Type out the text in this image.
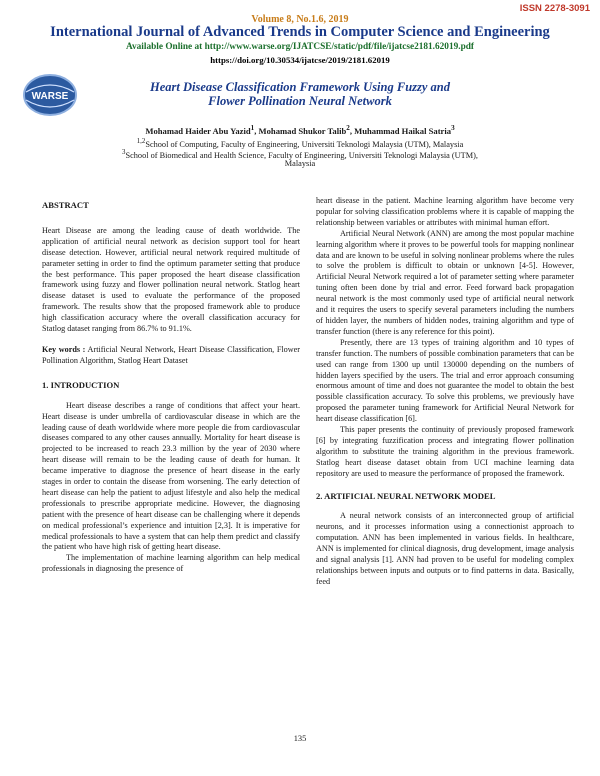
ISSN 2278-3091
Volume 8, No.1.6, 2019
International Journal of Advanced Trends in Computer Science and Engineering
Available Online at http://www.warse.org/IJATCSE/static/pdf/file/ijatcse2181.62019.pdf
https://doi.org/10.30534/ijatcse/2019/2181.62019
WARSE
Heart Disease Classification Framework Using Fuzzy and
Flower Pollination Neural Network
Mohamad Haider Abu Yazid$^1$, Mohamad Shukor Talib$^2$, Muhammad Haikal Satria$^3$
$^{1,2}$School of Computing, Faculty of Engineering, Universiti Teknologi Malaysia (UTM), Malaysia
$^3$School of Biomedical and Health Science, Faculty of Engineering, Universiti Teknologi Malaysia (UTM),
Malaysia

ABSTRACT

Heart Disease are among the leading cause of death worldwide. The application of artificial neural network as decision support tool for heart disease detection. However, artificial neural network required multitude of parameter setting in order to find the optimum parameter setting that produce the best performance. This paper proposed the heart disease classification framework using fuzzy and flower pollination neural network. Statlog heart disease dataset is used to evaluate the performance of the proposed framework. The results show that the proposed framework able to produce high classification accuracy where the overall classification accuracy for Statlog dataset ranging from 86.7% to 91.1%.

Key words : Artificial Neural Network, Heart Disease Classification, Flower Pollination Algorithm, Statlog Heart Dataset

1. INTRODUCTION

Heart disease describes a range of conditions that affect your heart. Heart disease is under umbrella of cardiovascular disease in which are the leading cause of death worldwide where more people die from cardiovascular diseases compared to any other causes annually. Mortality for heart disease is projected to be increased to reach 23.3 million by the year of 2030 where heart disease will remain to be the leading cause of death for human. It became imperative to diagnose the presence of heart disease in the early stages in order to contain the disease from worsening. The early detection of heart disease can help the patient to adjust lifestyle and also help the medical professionals to prescribe appropriate medicine. However, the diagnosing patient with the presence of heart disease can be challenging where it depends on medical professional’s experience and intuition [2,3]. It is imperative for medical professionals to have a system that can help them predict and classify the patient who have high risk of getting heart disease.

The implementation of machine learning algorithm can help medical professionals in diagnosing the presence of

heart disease in the patient. Machine learning algorithm have become very popular for solving classification problems where it is capable of mapping the relationship between variables or attributes with minimal human effort.

Artificial Neural Network (ANN) are among the most popular machine learning algorithm where it proves to be powerful tools for mapping nonlinear data and are known to be useful in solving nonlinear problems where the rules to solve the problem is difficult to obtain or unknown [4-5]. However, Artificial Neural Network required a lot of parameter setting where parameter tuning often been done by trial and error. Feed forward back propagation neural network is the most commonly used type of artificial neural network and it requires the users to specify several parameters including the numbers of hidden layer, the numbers of hidden nodes, training algorithm and type of transfer function (there is any reference for this point).

Presently, there are 13 types of training algorithm and 10 types of transfer function. The numbers of possible combination parameters that can be used can range from 1300 up until 130000 depending on the numbers of hidden layers specified by the users. The trial and error approach consuming enormous amount of time and does not guarantee the model to obtain the best possible classification accuracy. To solve this problems, we previously have proposed the parameter tuning framework for Artificial Neural Network for heart disease classification [6].

This paper presents the continuity of previously proposed framework [6] by integrating fuzzification process and integrating flower pollination algorithm to substitute the training algorithm in the previous framework. Statlog heart disease dataset obtain from UCI machine learning data repository are used to measure the performance of proposed the framework.

2. ARTIFICIAL NEURAL NETWORK MODEL

A neural network consists of an interconnected group of artificial neurons, and it processes information using a connectionist approach to computation. ANN has been implemented in various fields. In healthcare, ANN is implemented for clinical diagnosis, drug development, image analysis and signal analysis [1]. ANN had proven to be useful for modeling complex relationships between inputs and outputs or to find patterns in data. Basically, feed

135
